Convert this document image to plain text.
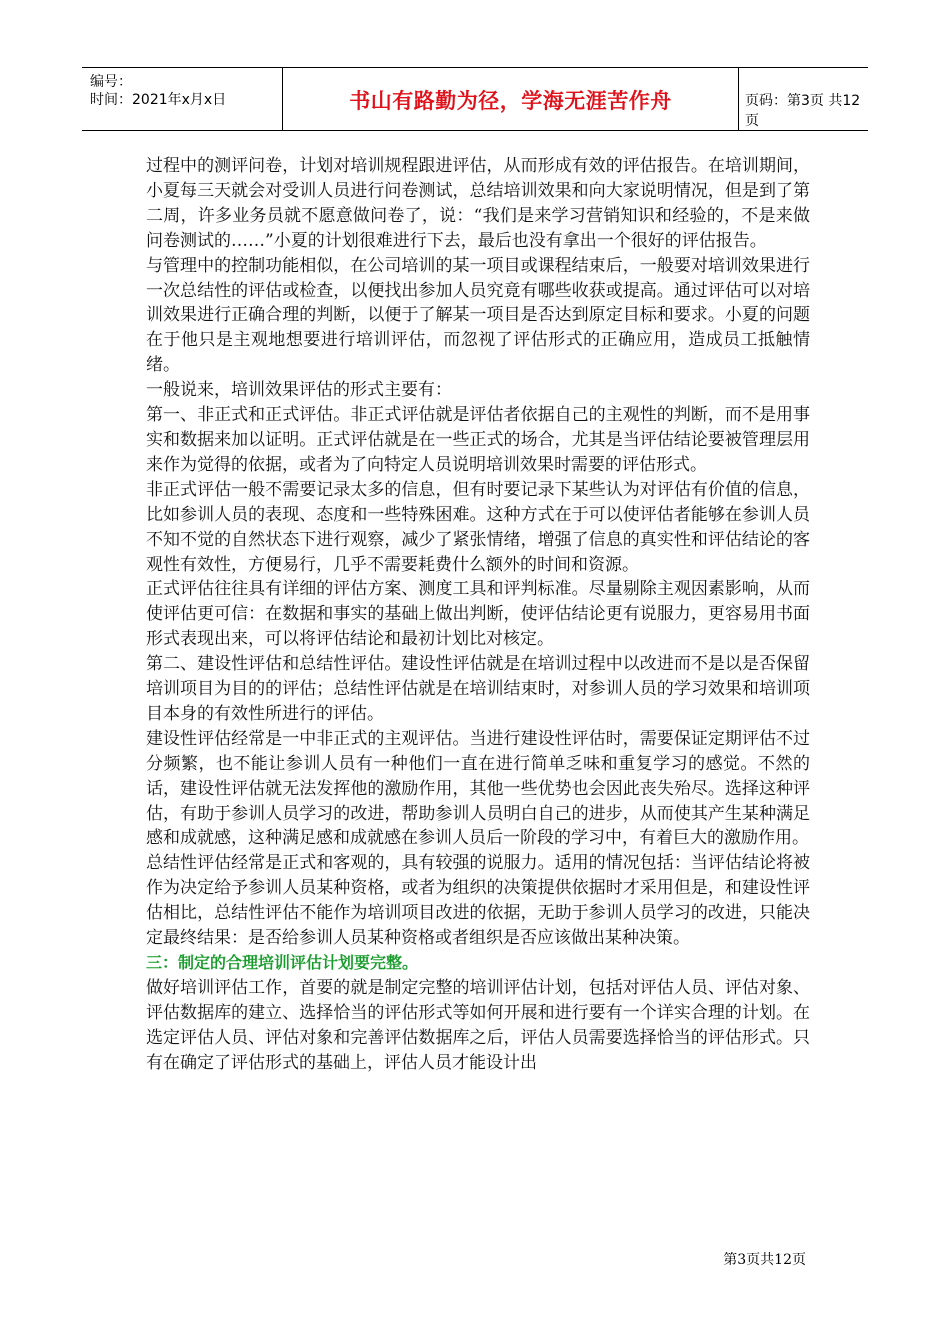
编号：
时间：2021年x月x日	书山有路勤为径，学海无涯苦作舟	页码：第3页 共12页

过程中的测评问卷，计划对培训规程跟进评估，从而形成有效的评估报告。在培训期间，小夏每三天就会对受训人员进行问卷测试，总结培训效果和向大家说明情况，但是到了第二周，许多业务员就不愿意做问卷了，说：“我们是来学习营销知识和经验的，不是来做问卷测试的……”小夏的计划很难进行下去，最后也没有拿出一个很好的评估报告。

与管理中的控制功能相似，在公司培训的某一项目或课程结束后，一般要对培训效果进行一次总结性的评估或检查，以便找出参加人员究竟有哪些收获或提高。通过评估可以对培训效果进行正确合理的判断，以便于了解某一项目是否达到原定目标和要求。小夏的问题在于他只是主观地想要进行培训评估，而忽视了评估形式的正确应用，造成员工抵触情绪。

一般说来，培训效果评估的形式主要有：

第一、非正式和正式评估。非正式评估就是评估者依据自己的主观性的判断，而不是用事实和数据来加以证明。正式评估就是在一些正式的场合，尤其是当评估结论要被管理层用来作为觉得的依据，或者为了向特定人员说明培训效果时需要的评估形式。

非正式评估一般不需要记录太多的信息，但有时要记录下某些认为对评估有价值的信息，比如参训人员的表现、态度和一些特殊困难。这种方式在于可以使评估者能够在参训人员不知不觉的自然状态下进行观察，减少了紧张情绪，增强了信息的真实性和评估结论的客观性有效性，方便易行，几乎不需要耗费什么额外的时间和资源。

正式评估往往具有详细的评估方案、测度工具和评判标准。尽量剔除主观因素影响，从而使评估更可信：在数据和事实的基础上做出判断，使评估结论更有说服力，更容易用书面形式表现出来，可以将评估结论和最初计划比对核定。

第二、建设性评估和总结性评估。建设性评估就是在培训过程中以改进而不是以是否保留培训项目为目的的评估；总结性评估就是在培训结束时，对参训人员的学习效果和培训项目本身的有效性所进行的评估。

建设性评估经常是一中非正式的主观评估。当进行建设性评估时，需要保证定期评估不过分频繁，也不能让参训人员有一种他们一直在进行简单乏味和重复学习的感觉。不然的话，建设性评估就无法发挥他的激励作用，其他一些优势也会因此丧失殆尽。选择这种评估，有助于参训人员学习的改进，帮助参训人员明白自己的进步，从而使其产生某种满足感和成就感，这种满足感和成就感在参训人员后一阶段的学习中，有着巨大的激励作用。

总结性评估经常是正式和客观的，具有较强的说服力。适用的情况包括：当评估结论将被作为决定给予参训人员某种资格，或者为组织的决策提供依据时才采用但是，和建设性评估相比，总结性评估不能作为培训项目改进的依据，无助于参训人员学习的改进，只能决定最终结果：是否给参训人员某种资格或者组织是否应该做出某种决策。

三：制定的合理培训评估计划要完整。

做好培训评估工作，首要的就是制定完整的培训评估计划，包括对评估人员、评估对象、评估数据库的建立、选择恰当的评估形式等如何开展和进行要有一个详实合理的计划。在选定评估人员、评估对象和完善评估数据库之后，评估人员需要选择恰当的评估形式。只有在确定了评估形式的基础上，评估人员才能设计出

第3页共12页
